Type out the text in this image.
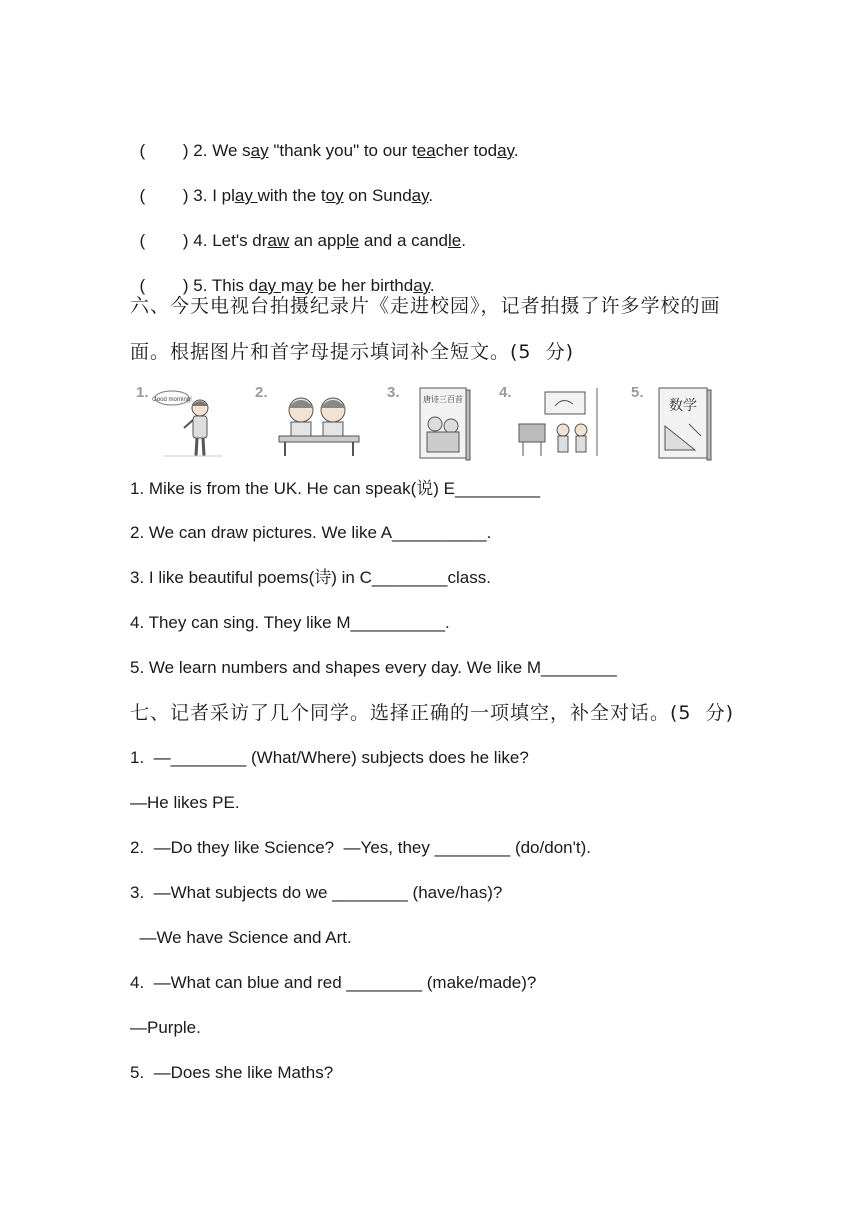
( ) 2. We say "thank you" to our teacher today.

( ) 3. I play with the toy on Sunday.

( ) 4. Let's draw an apple and a candle.

( ) 5. This day may be her birthday.

六、今天电视台拍摄纪录片《走进校园》，记者拍摄了许多学校的画
面。根据图片和首字母提示填词补全短文。(5  分)
1. Good morning!	2.	3.	唐诗三百首 4.	5.
数学
1. Mike is from the UK. He can speak(说) E_________
2. We can draw pictures. We like A__________.
3. I like beautiful poems(诗) in C________class.
4. They can sing. They like M__________.
5. We learn numbers and shapes every day. We like M________
七、记者采访了几个同学。选择正确的一项填空，补全对话。(5  分)
1.  —________ (What/Where) subjects does he like?
—He likes PE.
2.  —Do they like Science?  —Yes, they ________ (do/don't).
3.  —What subjects do we ________ (have/has)?
—We have Science and Art.
4.  —What can blue and red ________ (make/made)?
—Purple.
5.  —Does she like Maths?
